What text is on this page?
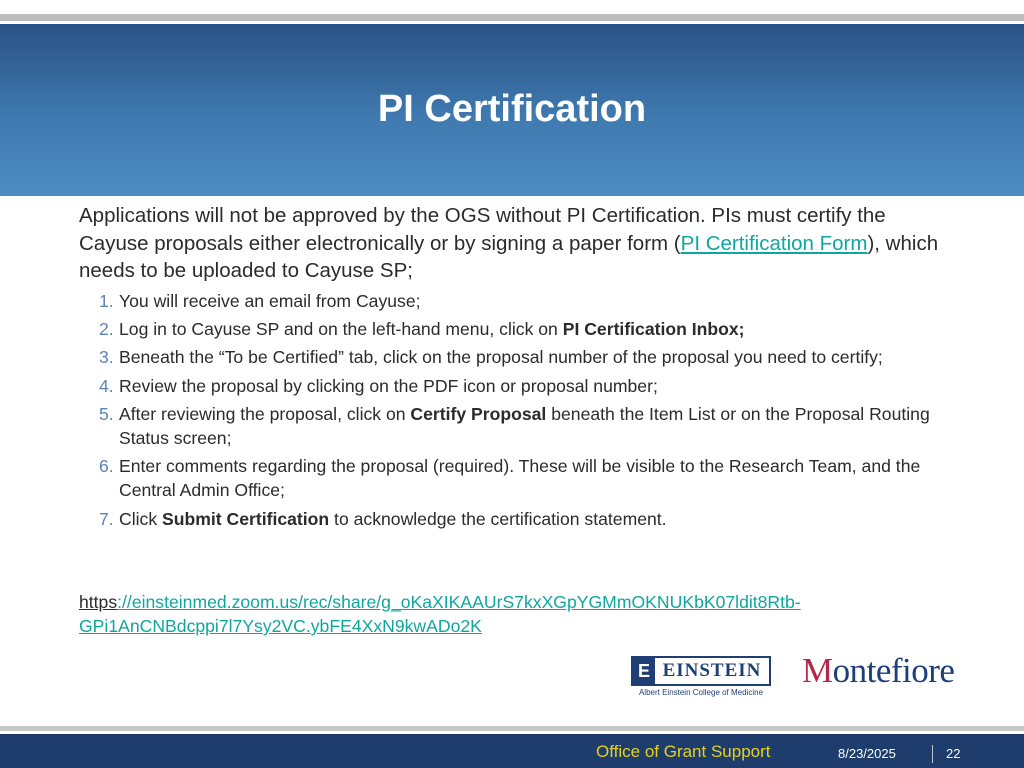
PI Certification

Applications will not be approved by the OGS without PI Certification. PIs must certify the Cayuse proposals either electronically or by signing a paper form (PI Certification Form), which needs to be uploaded to Cayuse SP;

1. You will receive an email from Cayuse;
2. Log in to Cayuse SP and on the left-hand menu, click on PI Certification Inbox;
3. Beneath the “To be Certified” tab, click on the proposal number of the proposal you need to certify;
4. Review the proposal by clicking on the PDF icon or proposal number;
5. After reviewing the proposal, click on Certify Proposal beneath the Item List or on the Proposal Routing Status screen;
6. Enter comments regarding the proposal (required). These will be visible to the Research Team, and the Central Admin Office;
7. Click Submit Certification to acknowledge the certification statement.
https://einsteinmed.zoom.us/rec/share/g_oKaXIKAAUrS7kxXGpYGMmOKNUKbK07ldit8Rtb-GPi1AnCNBdcppi7l7Ysy2VC.ybFE4XxN9kwADo2K
E EINSTEIN
Albert Einstein College of Medicine
Montefiore
Office of Grant Support	8/23/2025	22
